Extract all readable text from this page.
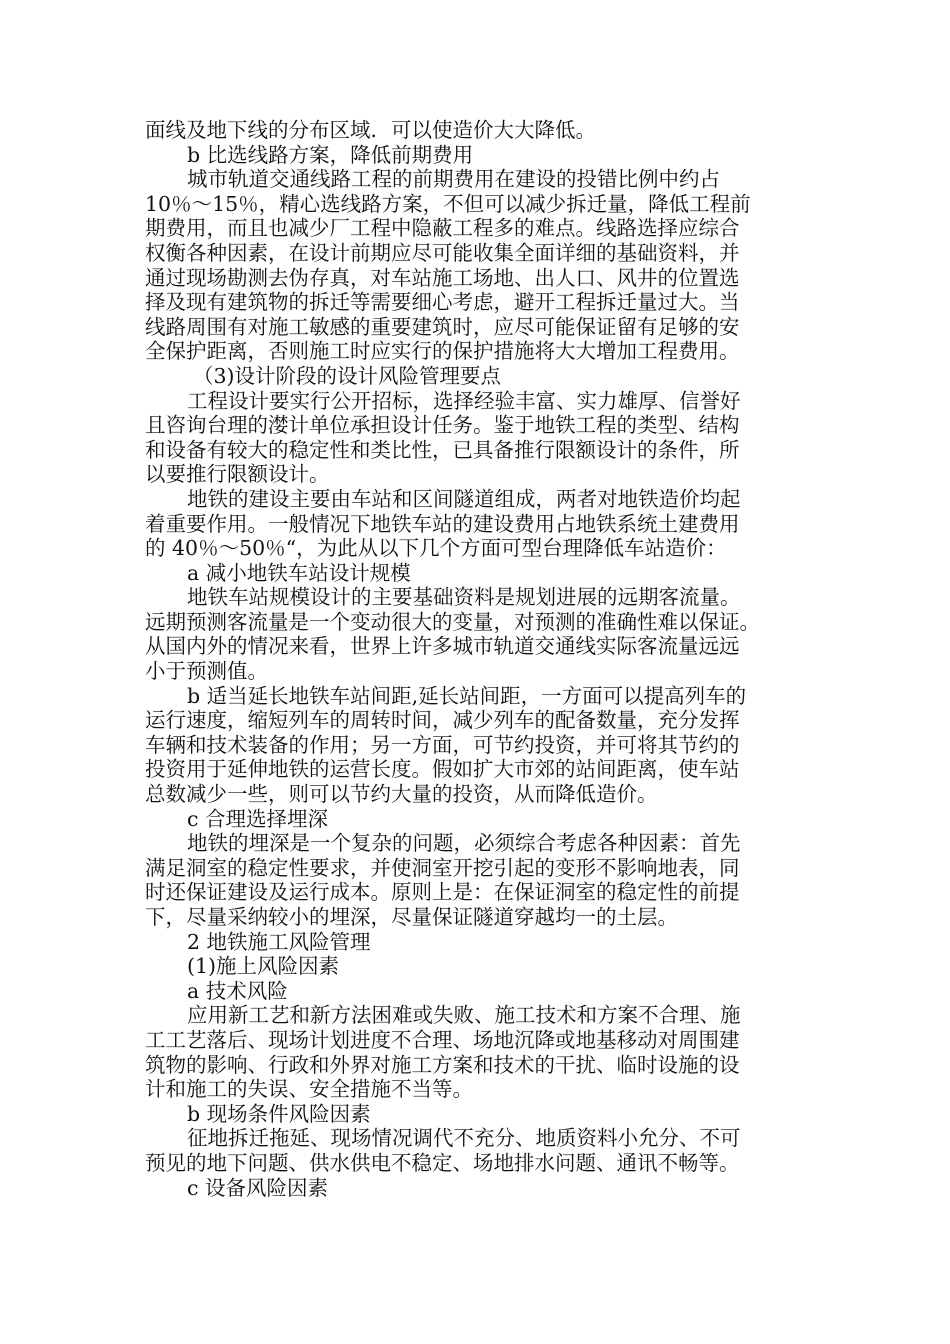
面线及地下线的分布区域．可以使造价大大降低。
b 比选线路方案，降低前期费用
城市轨道交通线路工程的前期费用在建设的投错比例中约占
10％～15％，精心选线路方案，不但可以减少拆迁量，降低工程前
期费用，而且也减少厂工程中隐蔽工程多的难点。线路选择应综合
权衡各种因素，在设计前期应尽可能收集全面详细的基础资料，并
通过现场勘测去伪存真，对车站施工场地、出人口、风井的位置选
择及现有建筑物的拆迁等需要细心考虑，避开工程拆迁量过大。当
线路周围有对施工敏感的重要建筑时，应尽可能保证留有足够的安
全保护距离，否则施工时应实行的保护措施将大大增加工程费用。
（3)设计阶段的设计风险管理要点
工程设计要实行公开招标，选择经验丰富、实力雄厚、信誉好
且咨询台理的漤计单位承担设计任务。鉴于地铁工程的类型、结构
和设备有较大的稳定性和类比性，已具备推行限额设计的条件，所
以要推行限额设计。
地铁的建设主要由车站和区间隧道组成，两者对地铁造价均起
着重要作用。一般情况下地铁车站的建设费用占地铁系统土建费用
的 40％～50％“，为此从以下几个方面可型台理降低车站造价：
a 减小地铁车站设计规模
地铁车站规模设计的主要基础资料是规划进展的远期客流量。
远期预测客流量是一个变动很大的变量，对预测的准确性难以保证。
从国内外的情况来看，世界上许多城市轨道交通线实际客流量远远
小于预测值。
b 适当延长地铁车站间距,延长站间距，一方面可以提高列车的
运行速度，缩短列车的周转时间，减少列车的配备数量，充分发挥
车辆和技术装备的作用；另一方面，可节约投资，并可将其节约的
投资用于延伸地铁的运营长度。假如扩大市郊的站间距离，使车站
总数减少一些，则可以节约大量的投资，从而降低造价。
c 合理选择埋深
地铁的埋深是一个复杂的问题，必须综合考虑各种因素：首先
满足洞室的稳定性要求，并使洞室开挖引起的变形不影响地表，同
时还保证建设及运行成本。原则上是：在保证洞室的稳定性的前提
下，尽量采纳较小的埋深，尽量保证隧道穿越均一的土层。
2 地铁施工风险管理
(1)施上风险因素
a 技术风险
应用新工艺和新方法困难或失败、施工技术和方案不合理、施
工工艺落后、现场计划进度不合理、场地沉降或地基移动对周围建
筑物的影响、行政和外界对施工方案和技术的干扰、临时设施的设
计和施工的失误、安全措施不当等。
b 现场条件风险因素
征地拆迁拖延、现场情况调代不充分、地质资料小允分、不可
预见的地下问题、供水供电不稳定、场地排水问题、通讯不畅等。
c 设备风险因素
